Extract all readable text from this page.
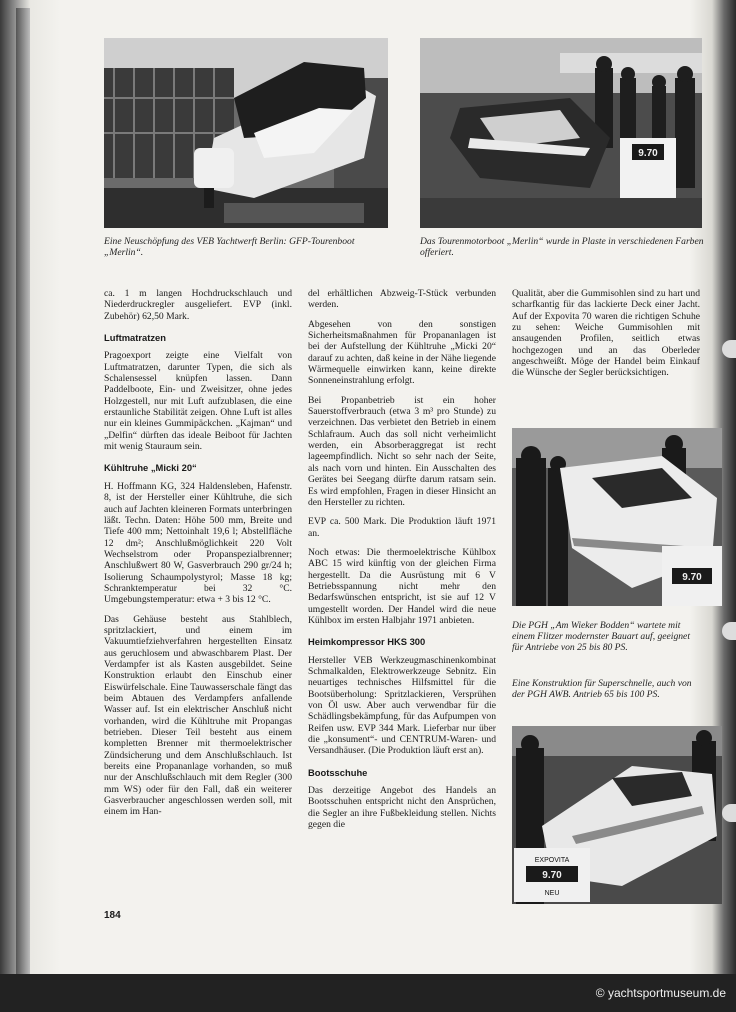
Eine Neuschöpfung des VEB Yachtwerft Berlin: GFP-Tourenboot „Merlin“.
9.70
Das Tourenmotorboot „Merlin“ wurde in Plaste in verschiedenen Farben offeriert.

ca. 1 m langen Hochdruckschlauch und Niederdruckregler ausgeliefert. EVP (inkl. Zubehör) 62,50 Mark.

Luftmatratzen

Pragoexport zeigte eine Vielfalt von Luftmatratzen, darunter Typen, die sich als Schalensessel knüpfen lassen. Dann Paddelboote, Ein- und Zweisitzer, ohne jedes Holzgestell, nur mit Luft aufzublasen, die eine erstaunliche Stabilität zeigen. Ohne Luft ist alles nur ein kleines Gummipäckchen. „Kajman“ und „Delfin“ dürften das ideale Beiboot für Jachten mit wenig Stauraum sein.

Kühltruhe „Micki 20“

H. Hoffmann KG, 324 Haldensleben, Hafenstr. 8, ist der Hersteller einer Kühltruhe, die sich auch auf Jachten kleineren Formats unterbringen läßt. Techn. Daten: Höhe 500 mm, Breite und Tiefe 400 mm; Nettoinhalt 19,6 l; Abstellfläche 12 dm²; Anschlußmöglichkeit 220 Volt Wechselstrom oder Propanspezialbrenner; Anschlußwert 80 W, Gasverbrauch 290 gr/24 h; Isolierung Schaumpolystyrol; Masse 18 kg; Schranktemperatur bei 32 °C. Umgebungstemperatur: etwa + 3 bis 12 °C.

Das Gehäuse besteht aus Stahlblech, spritzlackiert, und einem im Vakuumtiefziehverfahren hergestellten Einsatz aus geruchlosem und abwaschbarem Plast. Der Verdampfer ist als Kasten ausgebildet. Seine Konstruktion erlaubt den Einschub einer Eiswürfelschale. Eine Tauwasserschale fängt das beim Abtauen des Verdampfers anfallende Wasser auf. Ist ein elektrischer Anschluß nicht vorhanden, wird die Kühltruhe mit Propangas betrieben. Dieser Teil besteht aus einem kompletten Brenner mit thermoelektrischer Zündsicherung und dem Anschlußschlauch. Ist bereits eine Propananlage vorhanden, so muß nur der Anschlußschlauch mit dem Regler (300 mm WS) oder für den Fall, daß ein weiterer Gasverbraucher angeschlossen werden soll, mit einem im Han-

del erhältlichen Abzweig-T-Stück verbunden werden.

Abgesehen von den sonstigen Sicherheitsmaßnahmen für Propananlagen ist bei der Aufstellung der Kühltruhe „Micki 20“ darauf zu achten, daß keine in der Nähe liegende Wärmequelle einwirken kann, keine direkte Sonneneinstrahlung erfolgt.

Bei Propanbetrieb ist ein hoher Sauerstoffverbrauch (etwa 3 m³ pro Stunde) zu verzeichnen. Das verbietet den Betrieb in einem Schlafraum. Auch das soll nicht verheimlicht werden, ein Absorberaggregat ist recht lageempfindlich. Nicht so sehr nach der Seite, als nach vorn und hinten. Ein Ausschalten des Gerätes bei Seegang dürfte darum ratsam sein. Es wird empfohlen, Fragen in dieser Hinsicht an den Hersteller zu richten.

EVP ca. 500 Mark. Die Produktion läuft 1971 an.

Noch etwas: Die thermoelektrische Kühlbox ABC 15 wird künftig von der gleichen Firma hergestellt. Da die Ausrüstung mit 6 V Betriebsspannung nicht mehr den Bedarfswünschen entspricht, ist sie auf 12 V umgestellt worden. Der Handel wird die neue Kühlbox im ersten Halbjahr 1971 anbieten.

Heimkompressor HKS 300

Hersteller VEB Werkzeugmaschinenkombinat Schmalkalden, Elektrowerkzeuge Sebnitz. Ein neuartiges technisches Hilfsmittel für die Bootsüberholung: Spritzlackieren, Versprühen von Öl usw. Aber auch verwendbar für die Schädlingsbekämpfung, für das Aufpumpen von Reifen usw. EVP 344 Mark. Lieferbar nur über die „konsument“- und CENTRUM-Waren- und Versandhäuser. (Die Produktion läuft erst an).

Bootsschuhe

Das derzeitige Angebot des Handels an Bootsschuhen entspricht nicht den Ansprüchen, die Segler an ihre Fußbekleidung stellen. Nichts gegen die

Qualität, aber die Gummisohlen sind zu hart und scharfkantig für das lackierte Deck einer Jacht. Auf der Expovita 70 waren die richtigen Schuhe zu sehen: Weiche Gummisohlen mit ansaugenden Profilen, seitlich etwas hochgezogen und an das Oberleder angeschweißt. Möge der Handel beim Einkauf die Wünsche der Segler berücksichtigen.

9.70
Die PGH „Am Wieker Bodden“ wartete mit einem Flitzer modernster Bauart auf, geeignet für Antriebe von 25 bis 80 PS.
Eine Konstruktion für Superschnelle, auch von der PGH AWB. Antrieb 65 bis 100 PS.
EXPOVITA
9.70
NEU
184
© yachtsportmuseum.de
